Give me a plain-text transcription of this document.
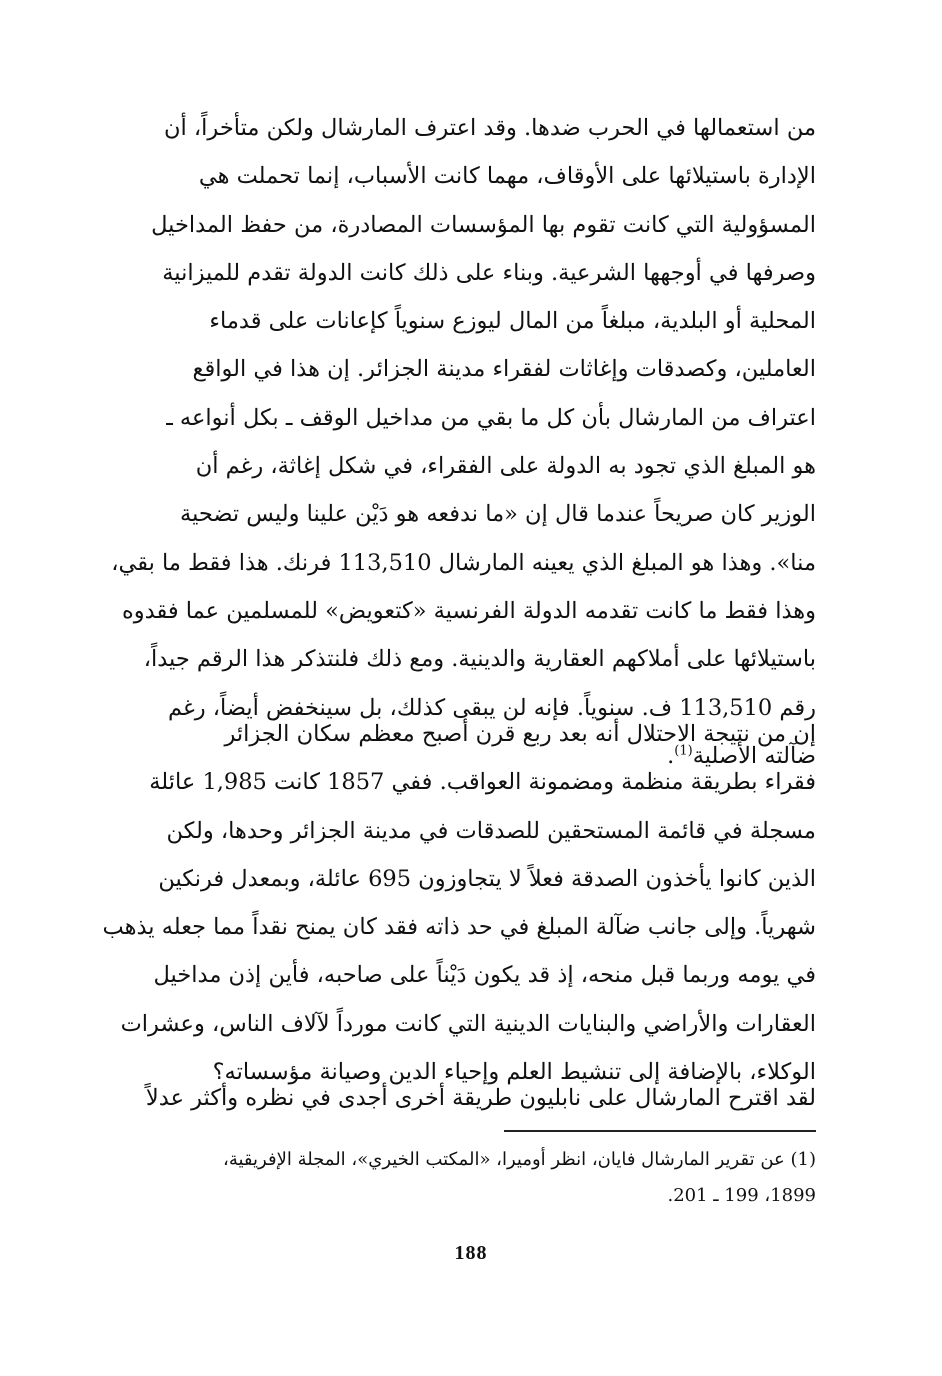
من استعمالها في الحرب ضدها. وقد اعترف المارشال ولكن متأخراً، أن
الإدارة باستيلائها على الأوقاف، مهما كانت الأسباب، إنما تحملت هي
المسؤولية التي كانت تقوم بها المؤسسات المصادرة، من حفظ المداخيل
وصرفها في أوجهها الشرعية. وبناء على ذلك كانت الدولة تقدم للميزانية
المحلية أو البلدية، مبلغاً من المال ليوزع سنوياً كإعانات على قدماء
العاملين، وكصدقات وإغاثات لفقراء مدينة الجزائر. إن هذا في الواقع
اعتراف من المارشال بأن كل ما بقي من مداخيل الوقف ـ بكل أنواعه ـ
هو المبلغ الذي تجود به الدولة على الفقراء، في شكل إغاثة، رغم أن
الوزير كان صريحاً عندما قال إن «ما ندفعه هو دَيْن علينا وليس تضحية
منا». وهذا هو المبلغ الذي يعينه المارشال 113,510 فرنك. هذا فقط ما بقي،
وهذا فقط ما كانت تقدمه الدولة الفرنسية «كتعويض» للمسلمين عما فقدوه
باستيلائها على أملاكهم العقارية والدينية. ومع ذلك فلنتذكر هذا الرقم جيداً،
رقم 113,510 ف. سنوياً. فإنه لن يبقى كذلك، بل سينخفض أيضاً، رغم
ضآلته الأصلية$^{(1)}$.
إن من نتيجة الاحتلال أنه بعد ربع قرن أصبح معظم سكان الجزائر
فقراء بطريقة منظمة ومضمونة العواقب. ففي 1857 كانت 1,985 عائلة
مسجلة في قائمة المستحقين للصدقات في مدينة الجزائر وحدها، ولكن
الذين كانوا يأخذون الصدقة فعلاً لا يتجاوزون 695 عائلة، وبمعدل فرنكين
شهرياً. وإلى جانب ضآلة المبلغ في حد ذاته فقد كان يمنح نقداً مما جعله يذهب
في يومه وربما قبل منحه، إذ قد يكون دَيْناً على صاحبه، فأين إذن مداخيل
العقارات والأراضي والبنايات الدينية التي كانت مورداً لآلاف الناس، وعشرات
الوكلاء، بالإضافة إلى تنشيط العلم وإحياء الدين وصيانة مؤسساته؟
لقد اقترح المارشال على نابليون طريقة أخرى أجدى في نظره وأكثر عدلاً
(1) عن تقرير المارشال فايان، انظر أوميرا، «المكتب الخيري»، المجلة الإفريقية،
1899، 199 ـ 201.
188
